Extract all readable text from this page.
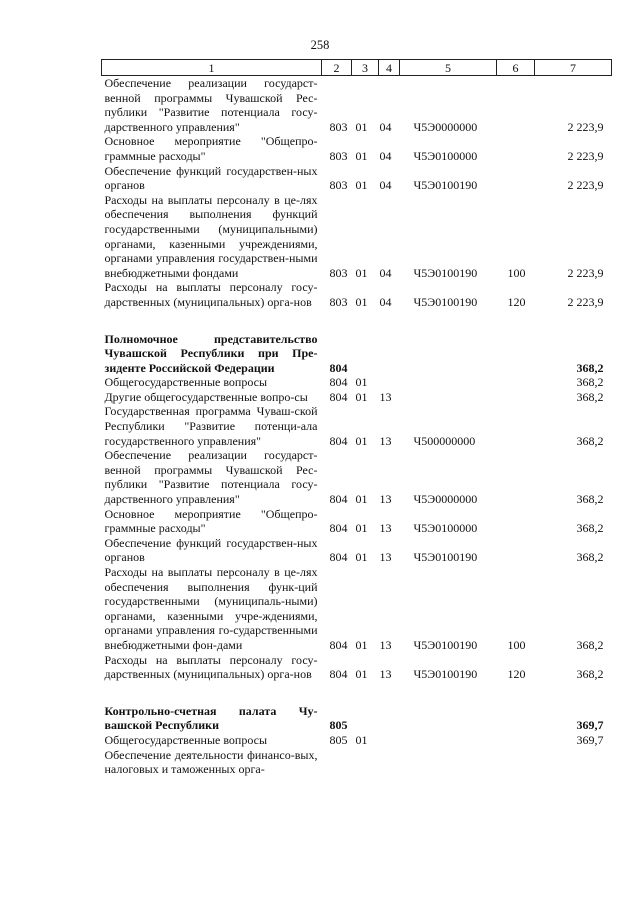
258
1	2	3	4	5	6	7
Обеспечение реализации государст-венной программы Чувашской Рес-публики "Развитие потенциала госу-дарственного управления"	803	01	04	Ч5Э0000000		2 223,9
Основное мероприятие "Общепро-граммные расходы"	803	01	04	Ч5Э0100000		2 223,9
Обеспечение функций государствен-ных органов	803	01	04	Ч5Э0100190		2 223,9
Расходы на выплаты персоналу в це-лях обеспечения выполнения функций государственными (муниципальными) органами, казенными учреждениями, органами управления государствен-ными внебюджетными фондами	803	01	04	Ч5Э0100190	100	2 223,9
Расходы на выплаты персоналу госу-дарственных (муниципальных) орга-нов	803	01	04	Ч5Э0100190	120	2 223,9

Полномочное представительство Чувашской Республики при Пре-зиденте Российской Федерации	804					368,2
Общегосударственные вопросы	804	01				368,2
Другие общегосударственные вопро-сы	804	01	13			368,2
Государственная программа Чуваш-ской Республики "Развитие потенци-ала государственного управления"	804	01	13	Ч500000000		368,2
Обеспечение реализации государст-венной программы Чувашской Рес-публики "Развитие потенциала госу-дарственного управления"	804	01	13	Ч5Э0000000		368,2
Основное мероприятие "Общепро-граммные расходы"	804	01	13	Ч5Э0100000		368,2
Обеспечение функций государствен-ных органов	804	01	13	Ч5Э0100190		368,2
Расходы на выплаты персоналу в це-лях обеспечения выполнения функ-ций государственными (муниципаль-ными) органами, казенными учре-ждениями, органами управления го-сударственными внебюджетными фон-дами	804	01	13	Ч5Э0100190	100	368,2
Расходы на выплаты персоналу госу-дарственных (муниципальных) орга-нов	804	01	13	Ч5Э0100190	120	368,2

Контрольно-счетная палата Чу-вашской Республики	805					369,7
Общегосударственные вопросы	805	01				369,7
Обеспечение деятельности финансо-вых, налоговых и таможенных орга-						
